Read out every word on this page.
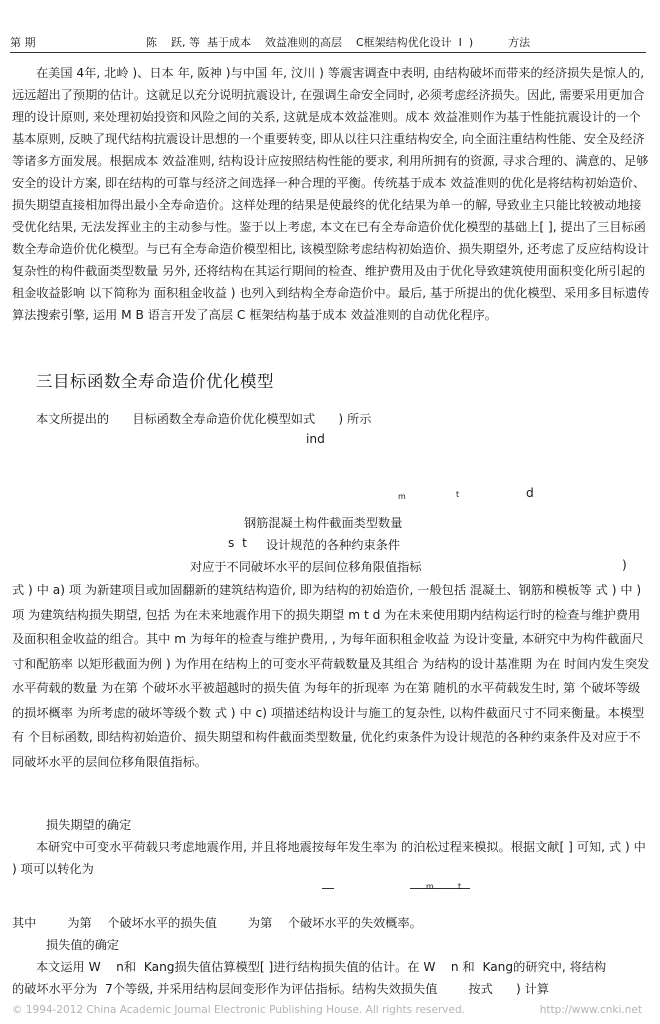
第 期	陈    跃, 等  基于成本    效益准则的高层    C框架结构优化设计  Ⅰ  )          方法
在美国 4年, 北岭 )、日本 年, 阪神 )与中国 年, 汶川 ) 等震害调查中表明, 由结构破坏而带来的经济损失是惊人的, 远远超出了预期的估计。这就足以充分说明抗震设计, 在强调生命安全同时, 必须考虑经济损失。因此, 需要采用更加合理的设计原则, 来处理初始投资和风险之间的关系, 这就是成本效益准则。成本 效益准则作为基于性能抗震设计的一个基本原则, 反映了现代结构抗震设计思想的一个重要转变, 即从以往只注重结构安全, 向全面注重结构性能、安全及经济等诸多方面发展。根据成本 效益准则, 结构设计应按照结构性能的要求, 利用所拥有的资源, 寻求合理的、满意的、足够安全的设计方案, 即在结构的可靠与经济之间选择一种合理的平衡。传统基于成本 效益准则的优化是将结构初始造价、损失期望直接相加得出最小全寿命造价。这样处理的结果是使最终的优化结果为单一的解, 导致业主只能比较被动地接受优化结果, 无法发挥业主的主动参与性。鉴于以上考虑, 本文在已有全寿命造价优化模型的基础上[ ], 提出了三目标函数全寿命造价优化模型。与已有全寿命造价模型相比, 该模型除考虑结构初始造价、损失期望外, 还考虑了反应结构设计复杂性的构件截面类型数量 另外, 还将结构在其运行期间的检查、维护费用及由于优化导致建筑使用面积变化所引起的租金收益影响 以下简称为 面积租金收益 ) 也列入到结构全寿命造价中。最后, 基于所提出的优化模型、采用多目标遗传算法搜索引擎, 运用 M B 语言开发了高层 C 框架结构基于成本 效益准则的自动优化程序。
三目标函数全寿命造价优化模型
本文所提出的      目标函数全寿命造价优化模型如式      ) 所示
ind
m	t	d
钢筋混凝土构件截面类型数量
s  t 设计规范的各种约束条件
对应于不同破坏水平的层间位移角限值指标	)
式 ) 中 a) 项 为新建项目或加固翻新的建筑结构造价, 即为结构的初始造价, 一般包括 混凝土、钢筋和模板等 式 ) 中 ) 项 为建筑结构损失期望, 包括 为在未来地震作用下的损失期望 m t d 为在未来使用期内结构运行时的检查与维护费用及面积租金收益的组合。其中 m 为每年的检查与维护费用, , 为每年面积租金收益 为设计变量, 本研究中为构件截面尺寸和配筋率 以矩形截面为例 ) 为作用在结构上的可变水平荷载数量及其组合 为结构的设计基准期 为在 时间内发生突发水平荷载的数量 为在第 个破坏水平被超越时的损失值 为每年的折现率 为在第 随机的水平荷载发生时, 第 个破坏等级的损坏概率 为所考虑的破坏等级个数 式 ) 中 c) 项描述结构设计与施工的复杂性, 以构件截面尺寸不同来衡量。本模型有 个目标函数, 即结构初始造价、损失期望和构件截面类型数量, 优化约束条件为设计规范的各种约束条件及对应于不同破坏水平的层间位移角限值指标。
损失期望的确定
本研究中可变水平荷载只考虑地震作用, 并且将地震按每年发生率为 的泊松过程来模拟。根据文献[ ] 可知, 式 ) 中 ) 项可以转化为
m	t
其中        为第    个破坏水平的损失值        为第    个破坏水平的失效概率。
损失值的确定
本文运用 W    n和  Kang损失值估算模型[ ]进行结构损失值的估计。在 W    n 和  Kang的研究中, 将结构
的破坏水平分为  7个等级, 并采用结构层间变形作为评估指标。结构失效损失值        按式      ) 计算
© 1994-2012 China Academic Journal Electronic Publishing House. All rights reserved.	http://www.cnki.net
